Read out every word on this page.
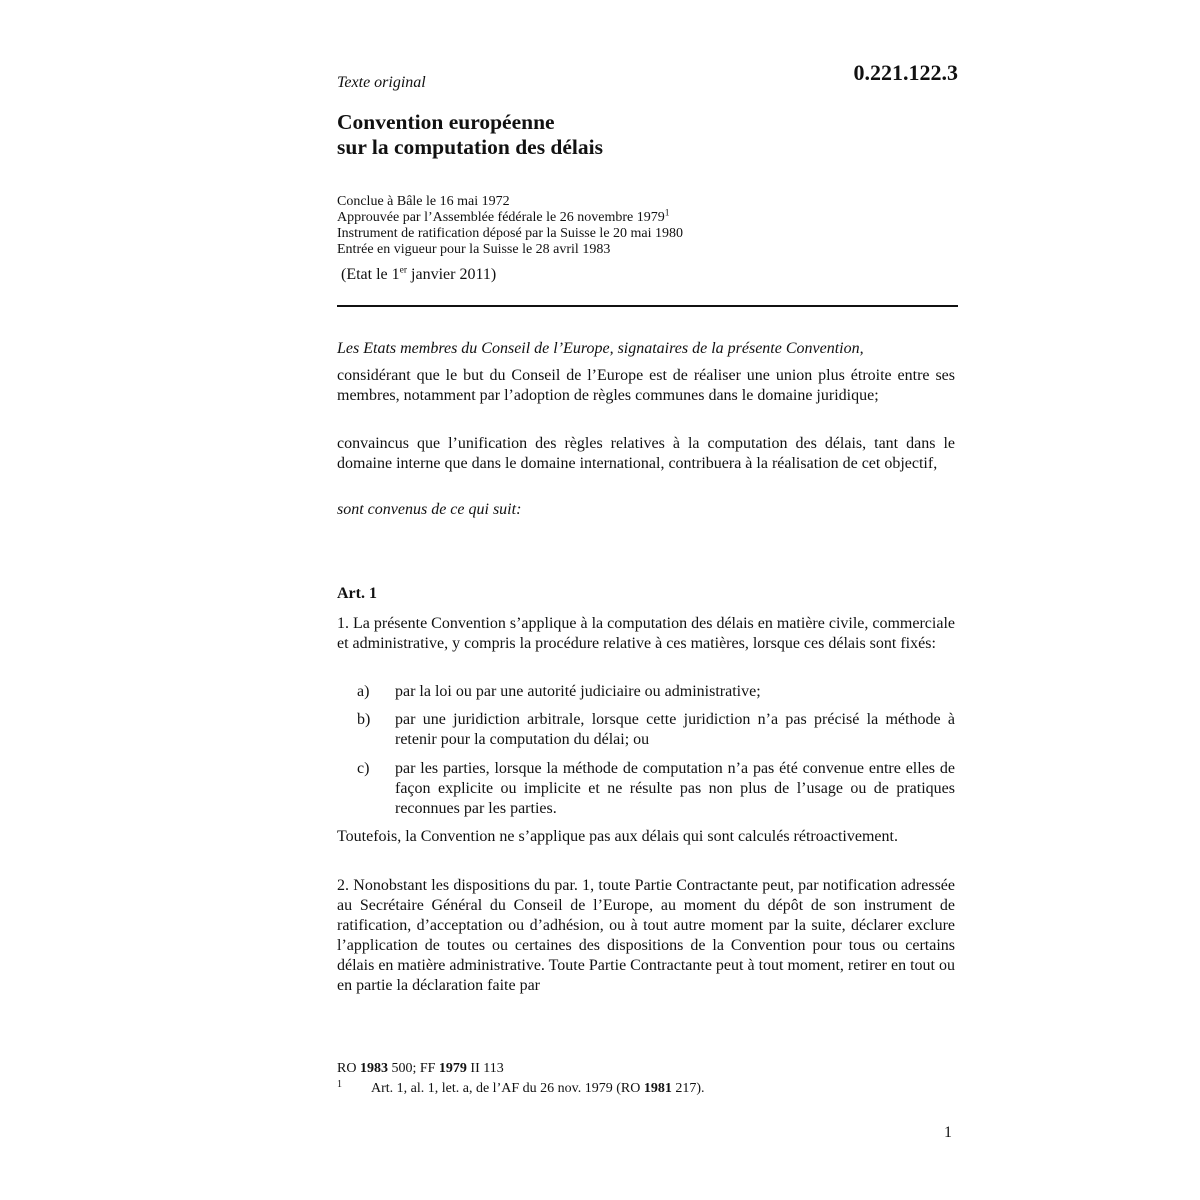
Texte original	0.221.122.3
Convention européenne
sur la computation des délais
Conclue à Bâle le 16 mai 1972
Approuvée par l’Assemblée fédérale le 26 novembre 1979$^1$
Instrument de ratification déposé par la Suisse le 20 mai 1980
Entrée en vigueur pour la Suisse le 28 avril 1983
(Etat le 1er janvier 2011)

Les Etats membres du Conseil de l’Europe, signataires de la présente Convention,

considérant que le but du Conseil de l’Europe est de réaliser une union plus étroite entre ses membres, notamment par l’adoption de règles communes dans le domaine juridique;

convaincus que l’unification des règles relatives à la computation des délais, tant dans le domaine interne que dans le domaine international, contribuera à la réalisation de cet objectif,

sont convenus de ce qui suit:

Art. 1

1. La présente Convention s’applique à la computation des délais en matière civile, commerciale et administrative, y compris la procédure relative à ces matières, lorsque ces délais sont fixés:

a) par la loi ou par une autorité judiciaire ou administrative;
b) par une juridiction arbitrale, lorsque cette juridiction n’a pas précisé la méthode à retenir pour la computation du délai; ou
c) par les parties, lorsque la méthode de computation n’a pas été convenue entre elles de façon explicite ou implicite et ne résulte pas non plus de l’usage ou de pratiques reconnues par les parties.

Toutefois, la Convention ne s’applique pas aux délais qui sont calculés rétroactivement.

2. Nonobstant les dispositions du par. 1, toute Partie Contractante peut, par notification adressée au Secrétaire Général du Conseil de l’Europe, au moment du dépôt de son instrument de ratification, d’acceptation ou d’adhésion, ou à tout autre moment par la suite, déclarer exclure l’application de toutes ou certaines des dispositions de la Convention pour tous ou certains délais en matière administrative. Toute Partie Contractante peut à tout moment, retirer en tout ou en partie la déclaration faite par

RO 1983 500; FF 1979 II 113
1 Art. 1, al. 1, let. a, de l’AF du 26 nov. 1979 (RO 1981 217).
1
